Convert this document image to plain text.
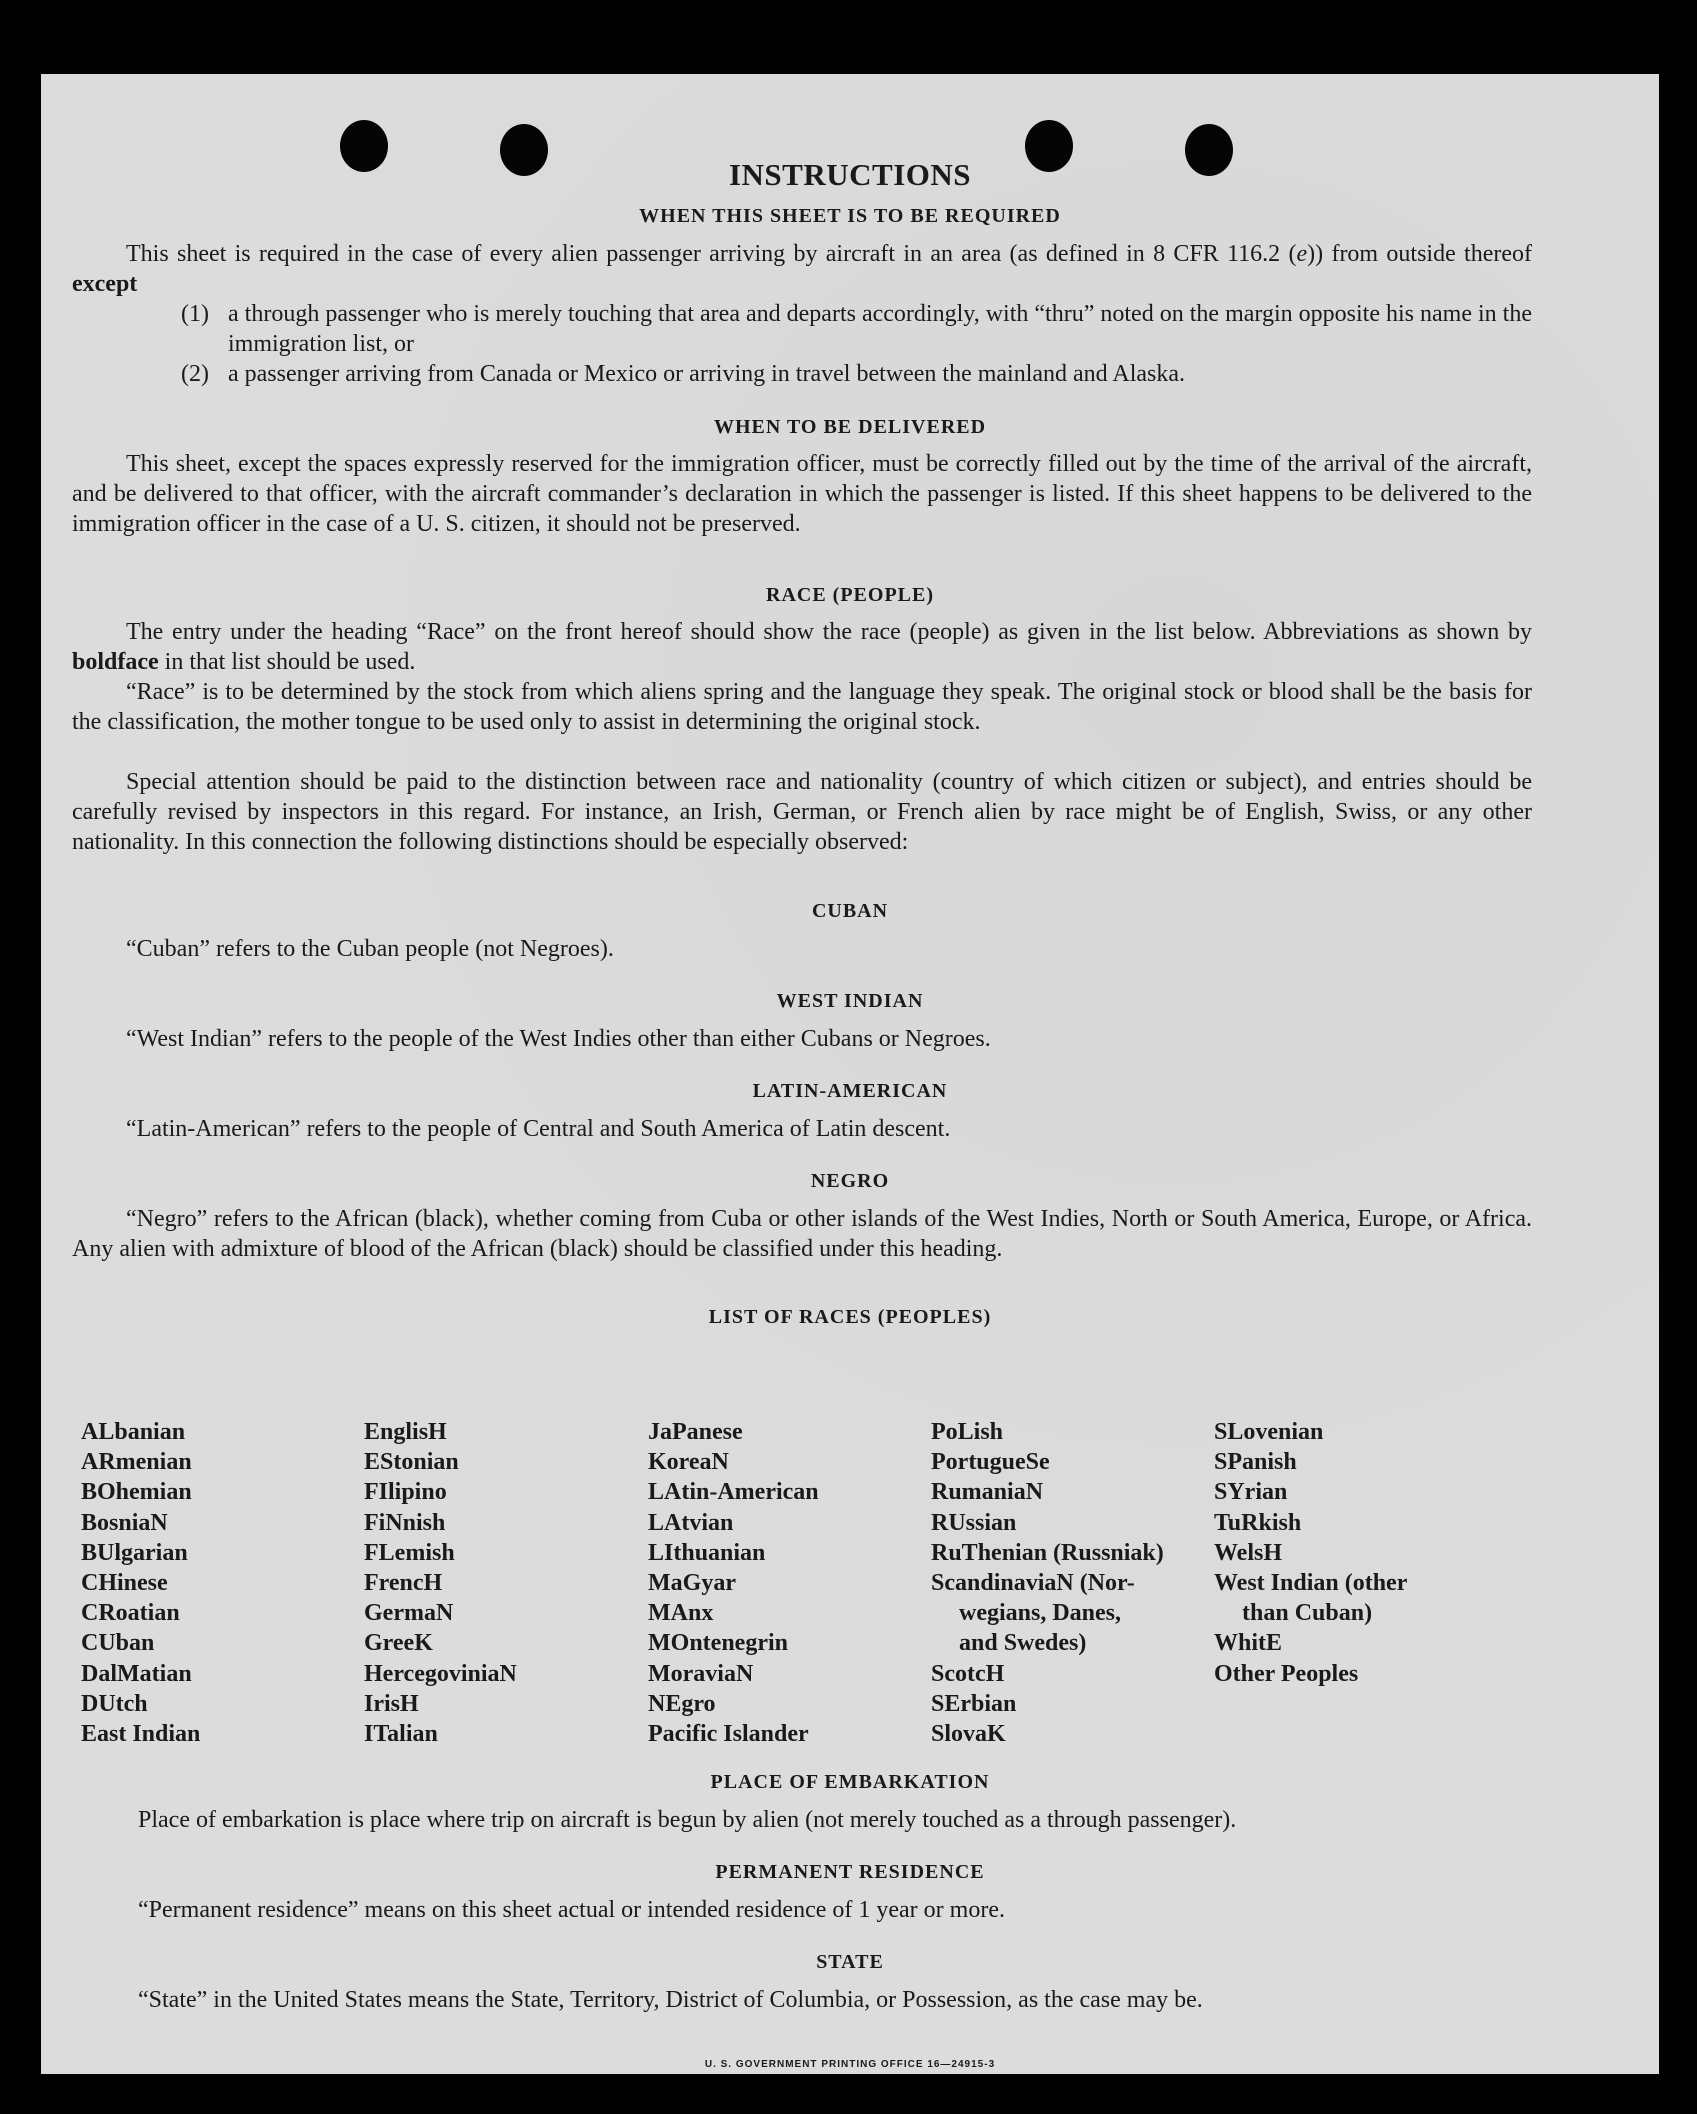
INSTRUCTIONS
WHEN THIS SHEET IS TO BE REQUIRED
This sheet is required in the case of every alien passenger arriving by aircraft in an area (as defined in 8 CFR 116.2 (e)) from outside thereof except
(1) a through passenger who is merely touching that area and departs accordingly, with “thru” noted on the margin opposite his name in the immigration list, or
(2) a passenger arriving from Canada or Mexico or arriving in travel between the mainland and Alaska.
WHEN TO BE DELIVERED
This sheet, except the spaces expressly reserved for the immigration officer, must be correctly filled out by the time of the arrival of the aircraft, and be delivered to that officer, with the aircraft commander’s declaration in which the passenger is listed. If this sheet happens to be delivered to the immigration officer in the case of a U. S. citizen, it should not be preserved.
RACE (PEOPLE)
The entry under the heading “Race” on the front hereof should show the race (people) as given in the list below. Abbreviations as shown by boldface in that list should be used.
“Race” is to be determined by the stock from which aliens spring and the language they speak. The original stock or blood shall be the basis for the classification, the mother tongue to be used only to assist in determining the original stock.
Special attention should be paid to the distinction between race and nationality (country of which citizen or subject), and entries should be carefully revised by inspectors in this regard. For instance, an Irish, German, or French alien by race might be of English, Swiss, or any other nationality. In this connection the following distinctions should be especially observed:
CUBAN
“Cuban” refers to the Cuban people (not Negroes).
WEST INDIAN
“West Indian” refers to the people of the West Indies other than either Cubans or Negroes.
LATIN-AMERICAN
“Latin-American” refers to the people of Central and South America of Latin descent.
NEGRO
“Negro” refers to the African (black), whether coming from Cuba or other islands of the West Indies, North or South America, Europe, or Africa. Any alien with admixture of blood of the African (black) should be classified under this heading.
LIST OF RACES (PEOPLES)
ALbanian
ARmenian
BOhemian
BosniaN
BUlgarian
CHinese
CRoatian
CUban
DalMatian
DUtch
East Indian
EnglisH
EStonian
FIlipino
FiNnish
FLemish
FrencH
GermaN
GreeK
HercegoviniaN
IrisH
ITalian
JaPanese
KoreaN
LAtin-American
LAtvian
LIthuanian
MaGyar
MAnx
MOntenegrin
MoraviaN
NEgro
Pacific Islander
PoLish
PortugueSe
RumaniaN
RUssian
RuThenian (Russniak)
ScandinaviaN (Nor-
wegians, Danes,
and Swedes)
ScotcH
SErbian
SlovaK
SLovenian
SPanish
SYrian
TuRkish
WelsH
West Indian (other
than Cuban)
WhitE
Other Peoples
PLACE OF EMBARKATION
Place of embarkation is place where trip on aircraft is begun by alien (not merely touched as a through passenger).
PERMANENT RESIDENCE
“Permanent residence” means on this sheet actual or intended residence of 1 year or more.
STATE
“State” in the United States means the State, Territory, District of Columbia, or Possession, as the case may be.
U. S. GOVERNMENT PRINTING OFFICE 16—24915-3
